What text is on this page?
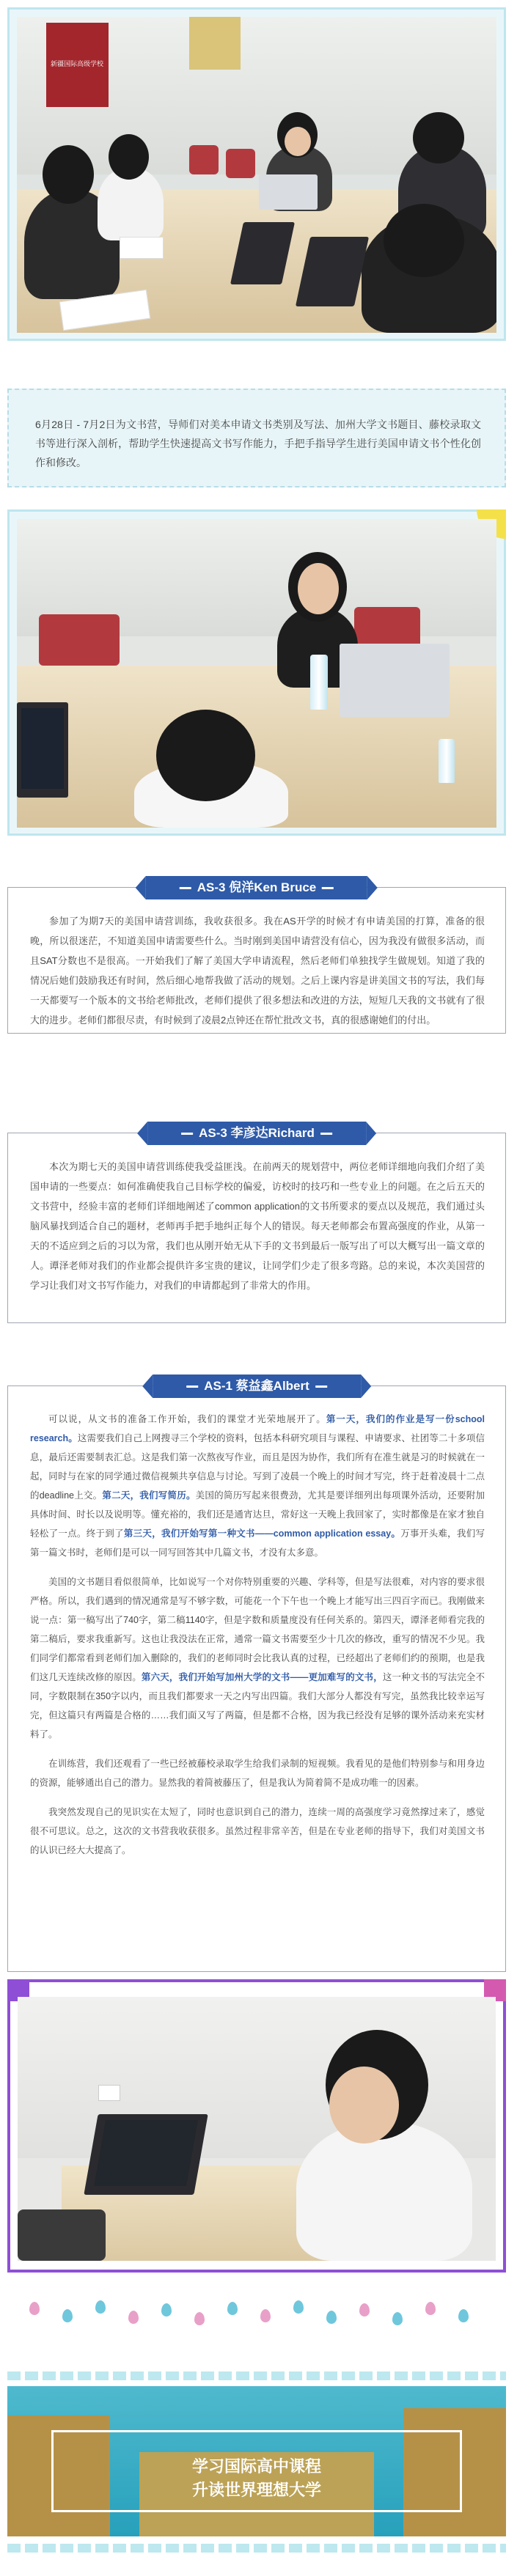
新疆国际高级学校

6月28日 - 7月2日为文书营，导师们对美本申请文书类别及写法、加州大学文书题目、藤校录取文书等进行深入剖析，帮助学生快速提高文书写作能力，手把手指导学生进行美国申请文书个性化创作和修改。

AS-3 倪洋Ken Bruce

参加了为期7天的美国申请营训练，我收获很多。我在AS开学的时候才有申请美国的打算，准备的很晚，所以很迷茫，不知道美国申请需要些什么。当时刚到美国申请营没有信心，因为我没有做很多活动，而且SAT分数也不是很高。一开始我们了解了美国大学申请流程，然后老师们单独找学生做规划。知道了我的情况后她们鼓励我还有时间，然后细心地帮我做了活动的规划。之后上课内容是讲美国文书的写法，我们每一天都要写一个版本的文书给老师批改，老师们提供了很多想法和改进的方法，短短几天我的文书就有了很大的进步。老师们都很尽责，有时候到了凌晨2点钟还在帮忙批改文书，真的很感谢她们的付出。

AS-3 李彦达Richard

本次为期七天的美国申请营训练使我受益匪浅。在前两天的规划营中，两位老师详细地向我们介绍了美国申请的一些要点：如何准确使我自己目标学校的偏爱，访校时的技巧和一些专业上的问题。在之后五天的文书营中，经验丰富的老师们详细地阐述了common application的文书所要求的要点以及规范，我们通过头脑风暴找到适合自己的题材，老师再手把手地纠正每个人的错误。每天老师都会布置高强度的作业，从第一天的不适应到之后的习以为常，我们也从刚开始无从下手的文书到最后一版写出了可以大概写出一篇文章的人。谭泽老师对我们的作业都会提供许多宝贵的建议，让同学们少走了很多弯路。总的来说，本次美国营的学习让我们对文书写作能力，对我们的申请都起到了非常大的作用。

AS-1 蔡益鑫Albert

可以说，从文书的准备工作开始，我们的课堂才光荣地展开了。第一天，我们的作业是写一份school research。这需要我们自己上网搜寻三个学校的资料，包括本科研究项目与课程、申请要求、社团等二十多项信息，最后还需要制表汇总。这是我们第一次熬夜写作业，而且是因为协作，我们所有在准生就是习的时候就在一起，同时与在家的同学通过微信视频共享信息与讨论。写到了凌晨一个晚上的时间才写完，终于赶着凌晨十二点的deadline上交。第二天，我们写简历。美国的简历写起来很费劲，尤其是要详细列出每项课外活动，还要附加具体时间、时长以及说明等。懂充裕的，我们还是通宵达旦，常好这一天晚上我回家了，实时都像是在家才独自轻松了一点。终于到了第三天，我们开始写第一种文书——common application essay。万事开头难，我们写第一篇文书时，老师们是可以一同写回答其中几篇文书，才没有太多意。

美国的文书题目看似很简单，比如说写一个对你特别重要的兴趣、学科等，但是写法很难，对内容的要求很严格。所以，我们遇到的情况通常是写不够字数，可能花一个下午也一个晚上才能写出三四百字而已。我刚做来说一点：第一稿写出了740字，第二稿1140字，但是字数和质量度没有任何关系的。第四天，谭泽老师看完我的第二稿后，要求我重新写。这也让我没法在正常，通常一篇文书需要至少十几次的修改，重写的情况不少见。我们同学们都常看到老师们加入删除的，我们的老师同时会比我认真的过程，已经超出了老师们约的预期，也是我们这几天连续改修的原因。第六天，我们开始写加州大学的文书——更加难写的文书，这一种文书的写法完全不同，字数限制在350字以内，而且我们都要求一天之内写出四篇。我们大部分人都没有写完，虽然我比较幸运写完，但这篇只有两篇是合格的……我们面又写了两篇，但是都不合格，因为我已经没有足够的课外活动来充实材料了。

在训练营，我们还观看了一些已经被藤校录取学生给我们录制的短视频。我看见的是他们特别参与和用身边的资源，能够通出自己的潜力。显然我的着简被藤压了，但是我认为简着简不是成功唯一的因素。

我突然发现自己的见识实在太短了，同时也意识到自己的潜力，连续一周的高强度学习竟然撑过来了，感觉很不可思议。总之，这次的文书营我收获很多。虽然过程非常辛苦，但是在专业老师的指导下，我们对美国文书的认识已经大大提高了。

学习国际高中课程
升读世界理想大学
